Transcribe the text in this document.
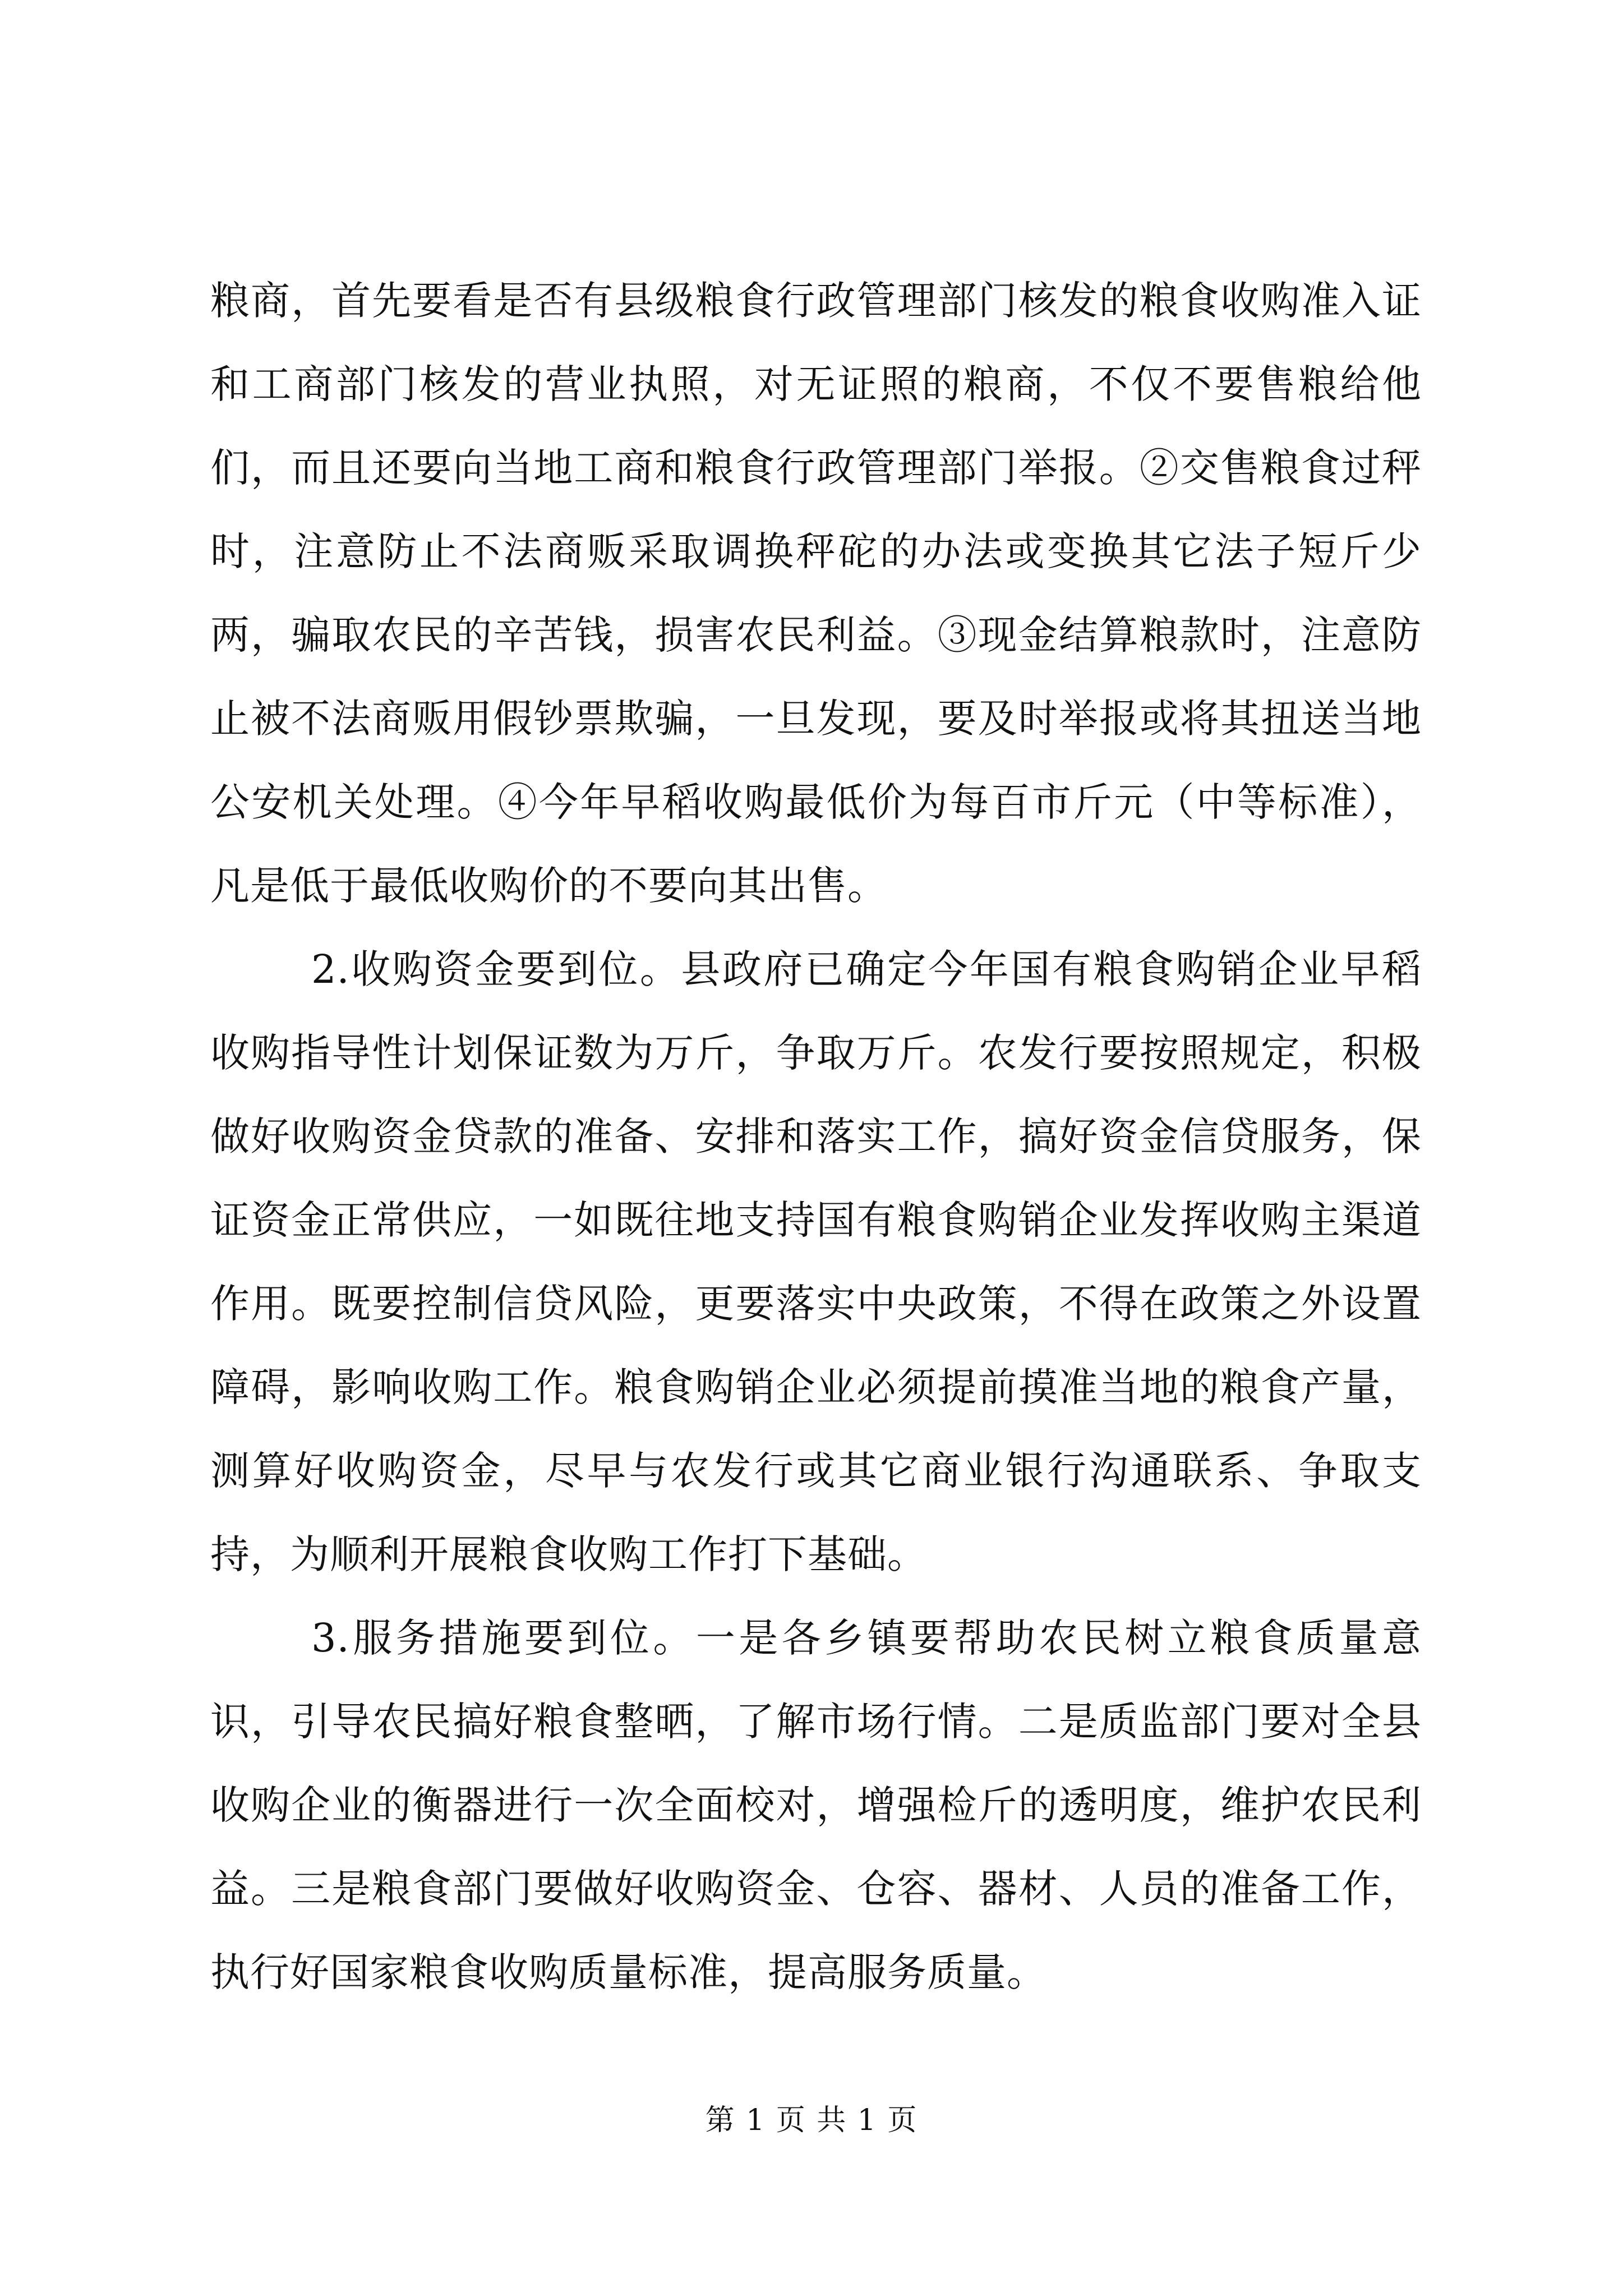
粮商，首先要看是否有县级粮食行政管理部门核发的粮食收购准入证和工商部门核发的营业执照，对无证照的粮商，不仅不要售粮给他们，而且还要向当地工商和粮食行政管理部门举报。②交售粮食过秤时，注意防止不法商贩采取调换秤砣的办法或变换其它法子短斤少两，骗取农民的辛苦钱，损害农民利益。③现金结算粮款时，注意防止被不法商贩用假钞票欺骗，一旦发现，要及时举报或将其扭送当地公安机关处理。④今年早稻收购最低价为每百市斤元（中等标准），凡是低于最低收购价的不要向其出售。

2.收购资金要到位。县政府已确定今年国有粮食购销企业早稻收购指导性计划保证数为万斤，争取万斤。农发行要按照规定，积极做好收购资金贷款的准备、安排和落实工作，搞好资金信贷服务，保证资金正常供应，一如既往地支持国有粮食购销企业发挥收购主渠道作用。既要控制信贷风险，更要落实中央政策，不得在政策之外设置障碍，影响收购工作。粮食购销企业必须提前摸准当地的粮食产量，测算好收购资金，尽早与农发行或其它商业银行沟通联系、争取支持，为顺利开展粮食收购工作打下基础。

3.服务措施要到位。一是各乡镇要帮助农民树立粮食质量意识，引导农民搞好粮食整晒，了解市场行情。二是质监部门要对全县收购企业的衡器进行一次全面校对，增强检斤的透明度，维护农民利益。三是粮食部门要做好收购资金、仓容、器材、人员的准备工作，执行好国家粮食收购质量标准，提高服务质量。

第 1 页 共 1 页
